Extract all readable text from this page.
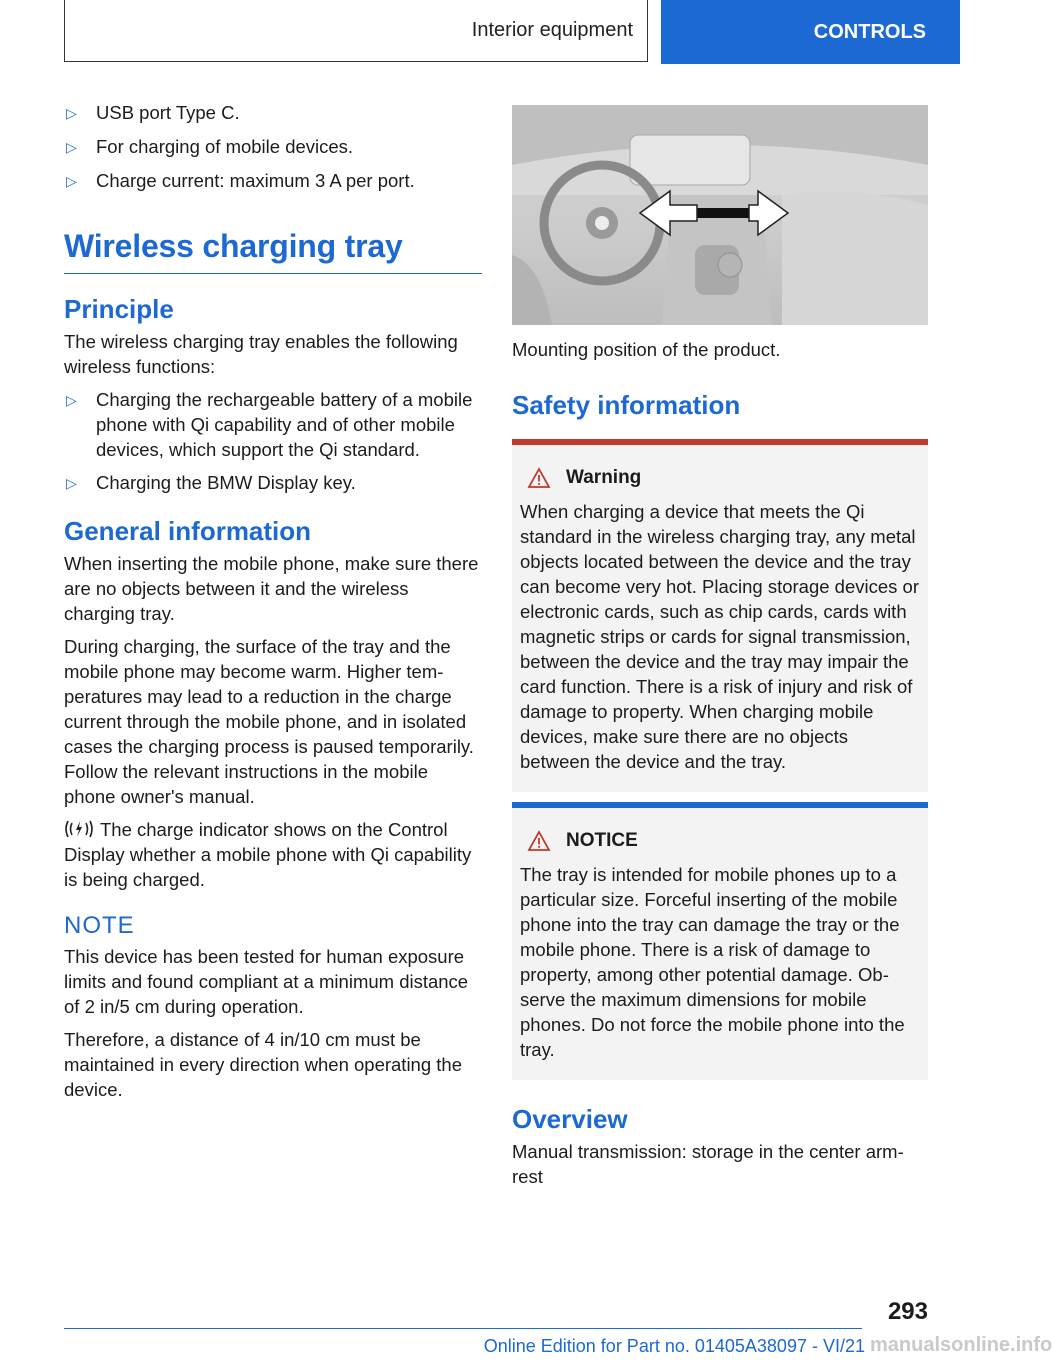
Interior equipment	CONTROLS
▷	USB port Type C.
▷	For charging of mobile devices.
▷	Charge current: maximum 3 A per port.
Wireless charging tray
Principle

The wireless charging tray enables the following wireless functions:

▷	Charging the rechargeable battery of a mobile phone with Qi capability and of other mobile devices, which support the Qi standard.
▷	Charging the BMW Display key.
General information

When inserting the mobile phone, make sure there are no objects between it and the wireless charging tray.

During charging, the surface of the tray and the mobile phone may become warm. Higher temperatures may lead to a reduction in the charge current through the mobile phone, and in isolated cases the charging process is paused temporarily. Follow the relevant instructions in the mobile phone owner's manual.

The charge indicator shows on the Control Display whether a mobile phone with Qi capability is being charged.

NOTE

This device has been tested for human exposure limits and found compliant at a minimum distance of 2 in/5 cm during operation.

Therefore, a distance of 4 in/10 cm must be maintained in every direction when operating the device.

Mounting position of the product.

Safety information
Warning

When charging a device that meets the Qi standard in the wireless charging tray, any metal objects located between the device and the tray can become very hot. Placing storage devices or electronic cards, such as chip cards, cards with magnetic strips or cards for signal transmission, between the device and the tray may impair the card function. There is a risk of injury and risk of damage to property. When charging mobile devices, make sure there are no objects between the device and the tray.

NOTICE

The tray is intended for mobile phones up to a particular size. Forceful inserting of the mobile phone into the tray can damage the tray or the mobile phone. There is a risk of damage to property, among other potential damage. Observe the maximum dimensions for mobile phones. Do not force the mobile phone into the tray.

Overview

Manual transmission: storage in the center armrest

293
Online Edition for Part no. 01405A38097 - VI/21 manualsonline.info
